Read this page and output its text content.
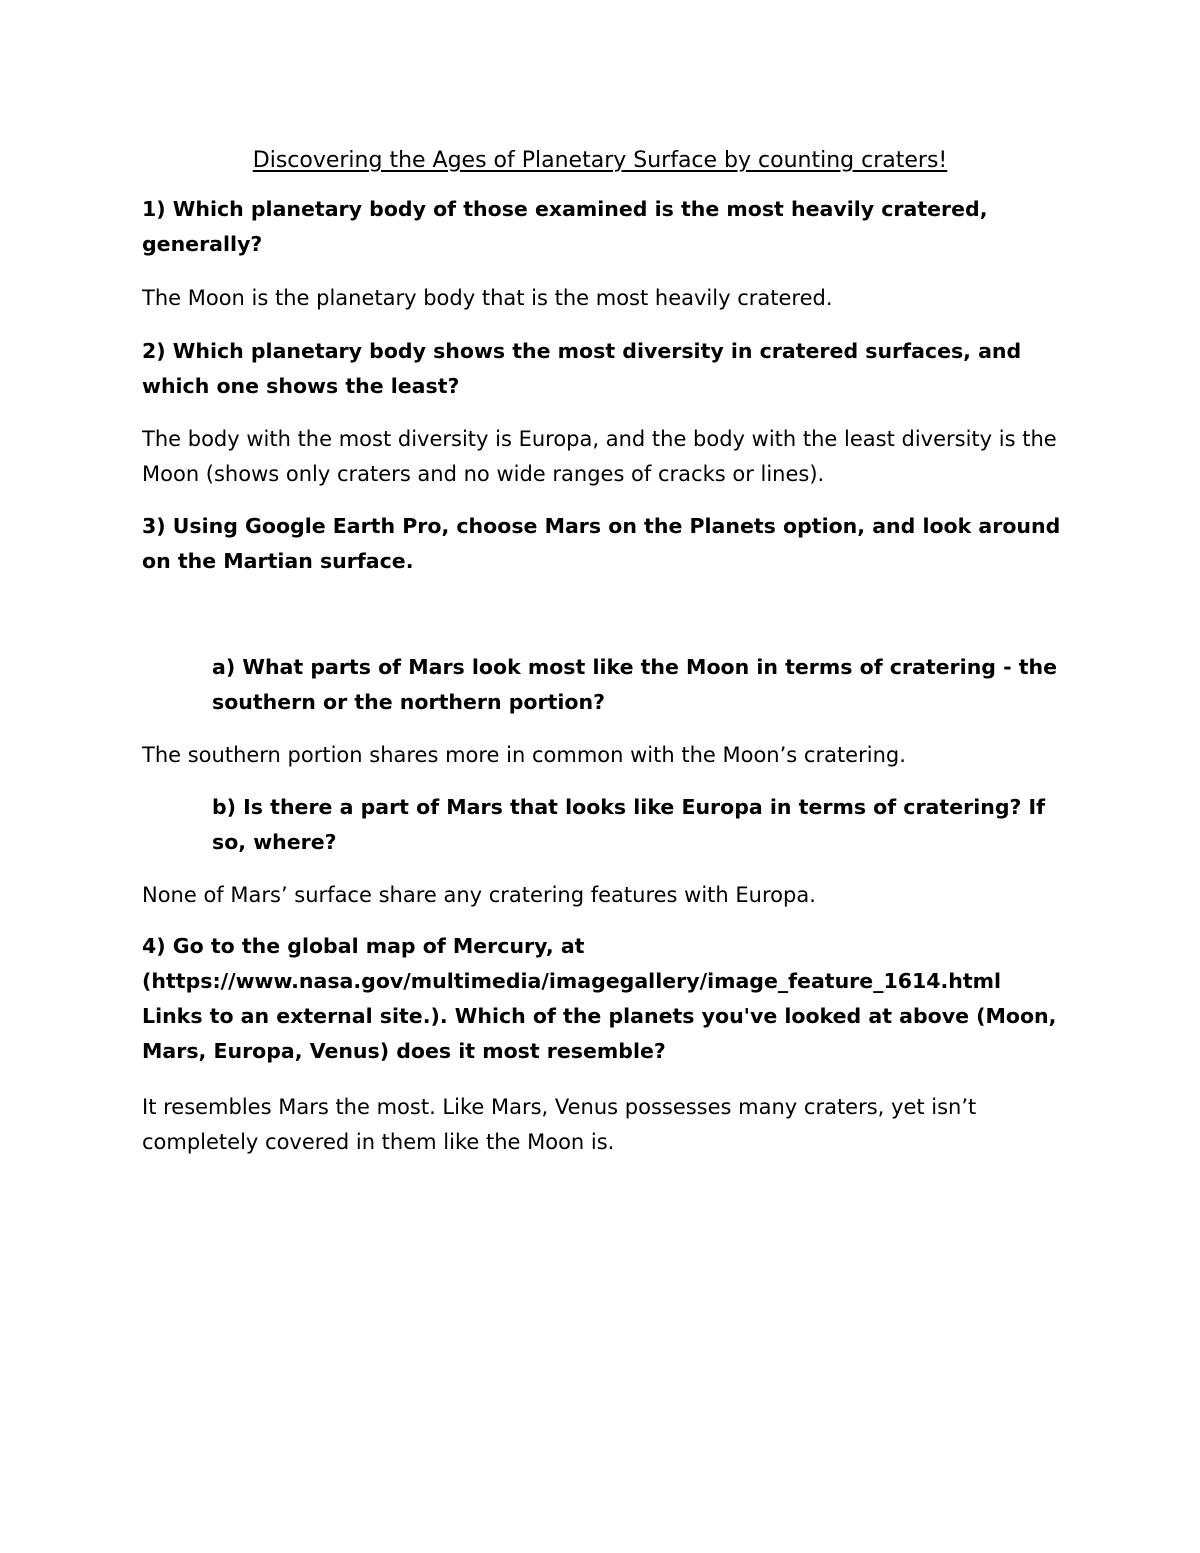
Discovering the Ages of Planetary Surface by counting craters!

1) Which planetary body of those examined is the most heavily cratered, generally?

The Moon is the planetary body that is the most heavily cratered.

2) Which planetary body shows the most diversity in cratered surfaces, and which one shows the least?

The body with the most diversity is Europa, and the body with the least diversity is the Moon (shows only craters and no wide ranges of cracks or lines).

3) Using Google Earth Pro, choose Mars on the Planets option, and look around on the Martian surface.

a) What parts of Mars look most like the Moon in terms of cratering - the southern or the northern portion?

The southern portion shares more in common with the Moon’s cratering.

b) Is there a part of Mars that looks like Europa in terms of cratering? If so, where?

None of Mars’ surface share any cratering features with Europa.

4) Go to the global map of Mercury, at
(https://www.nasa.gov/multimedia/imagegallery/image_feature_1614.html
Links to an external site.). Which of the planets you've looked at above (Moon, Mars, Europa, Venus) does it most resemble?

It resembles Mars the most. Like Mars, Venus possesses many craters, yet isn’t completely covered in them like the Moon is.
